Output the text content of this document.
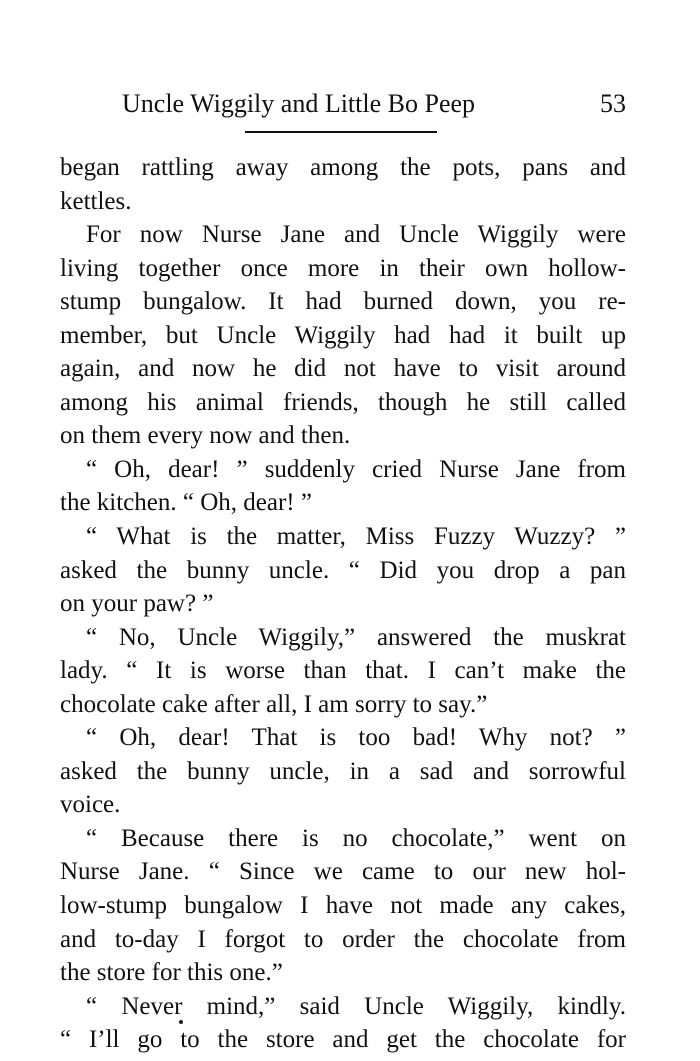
Uncle Wiggily and Little Bo Peep	53
began rattling away among the pots, pans and
kettles.
For now Nurse Jane and Uncle Wiggily were
living together once more in their own hollow-
stump bungalow. It had burned down, you re-
member, but Uncle Wiggily had had it built up
again, and now he did not have to visit around
among his animal friends, though he still called
on them every now and then.
“ Oh, dear! ” suddenly cried Nurse Jane from
the kitchen. “ Oh, dear! ”
“ What is the matter, Miss Fuzzy Wuzzy? ”
asked the bunny uncle. “ Did you drop a pan
on your paw? ”
“ No, Uncle Wiggily,” answered the muskrat
lady. “ It is worse than that. I can’t make the
chocolate cake after all, I am sorry to say.”
“ Oh, dear! That is too bad! Why not? ”
asked the bunny uncle, in a sad and sorrowful
voice.
“ Because there is no chocolate,” went on
Nurse Jane. “ Since we came to our new hol-
low-stump bungalow I have not made any cakes,
and to-day I forgot to order the chocolate from
the store for this one.”
“ Never mind,” said Uncle Wiggily, kindly.
“ I’ll go to the store and get the chocolate for
